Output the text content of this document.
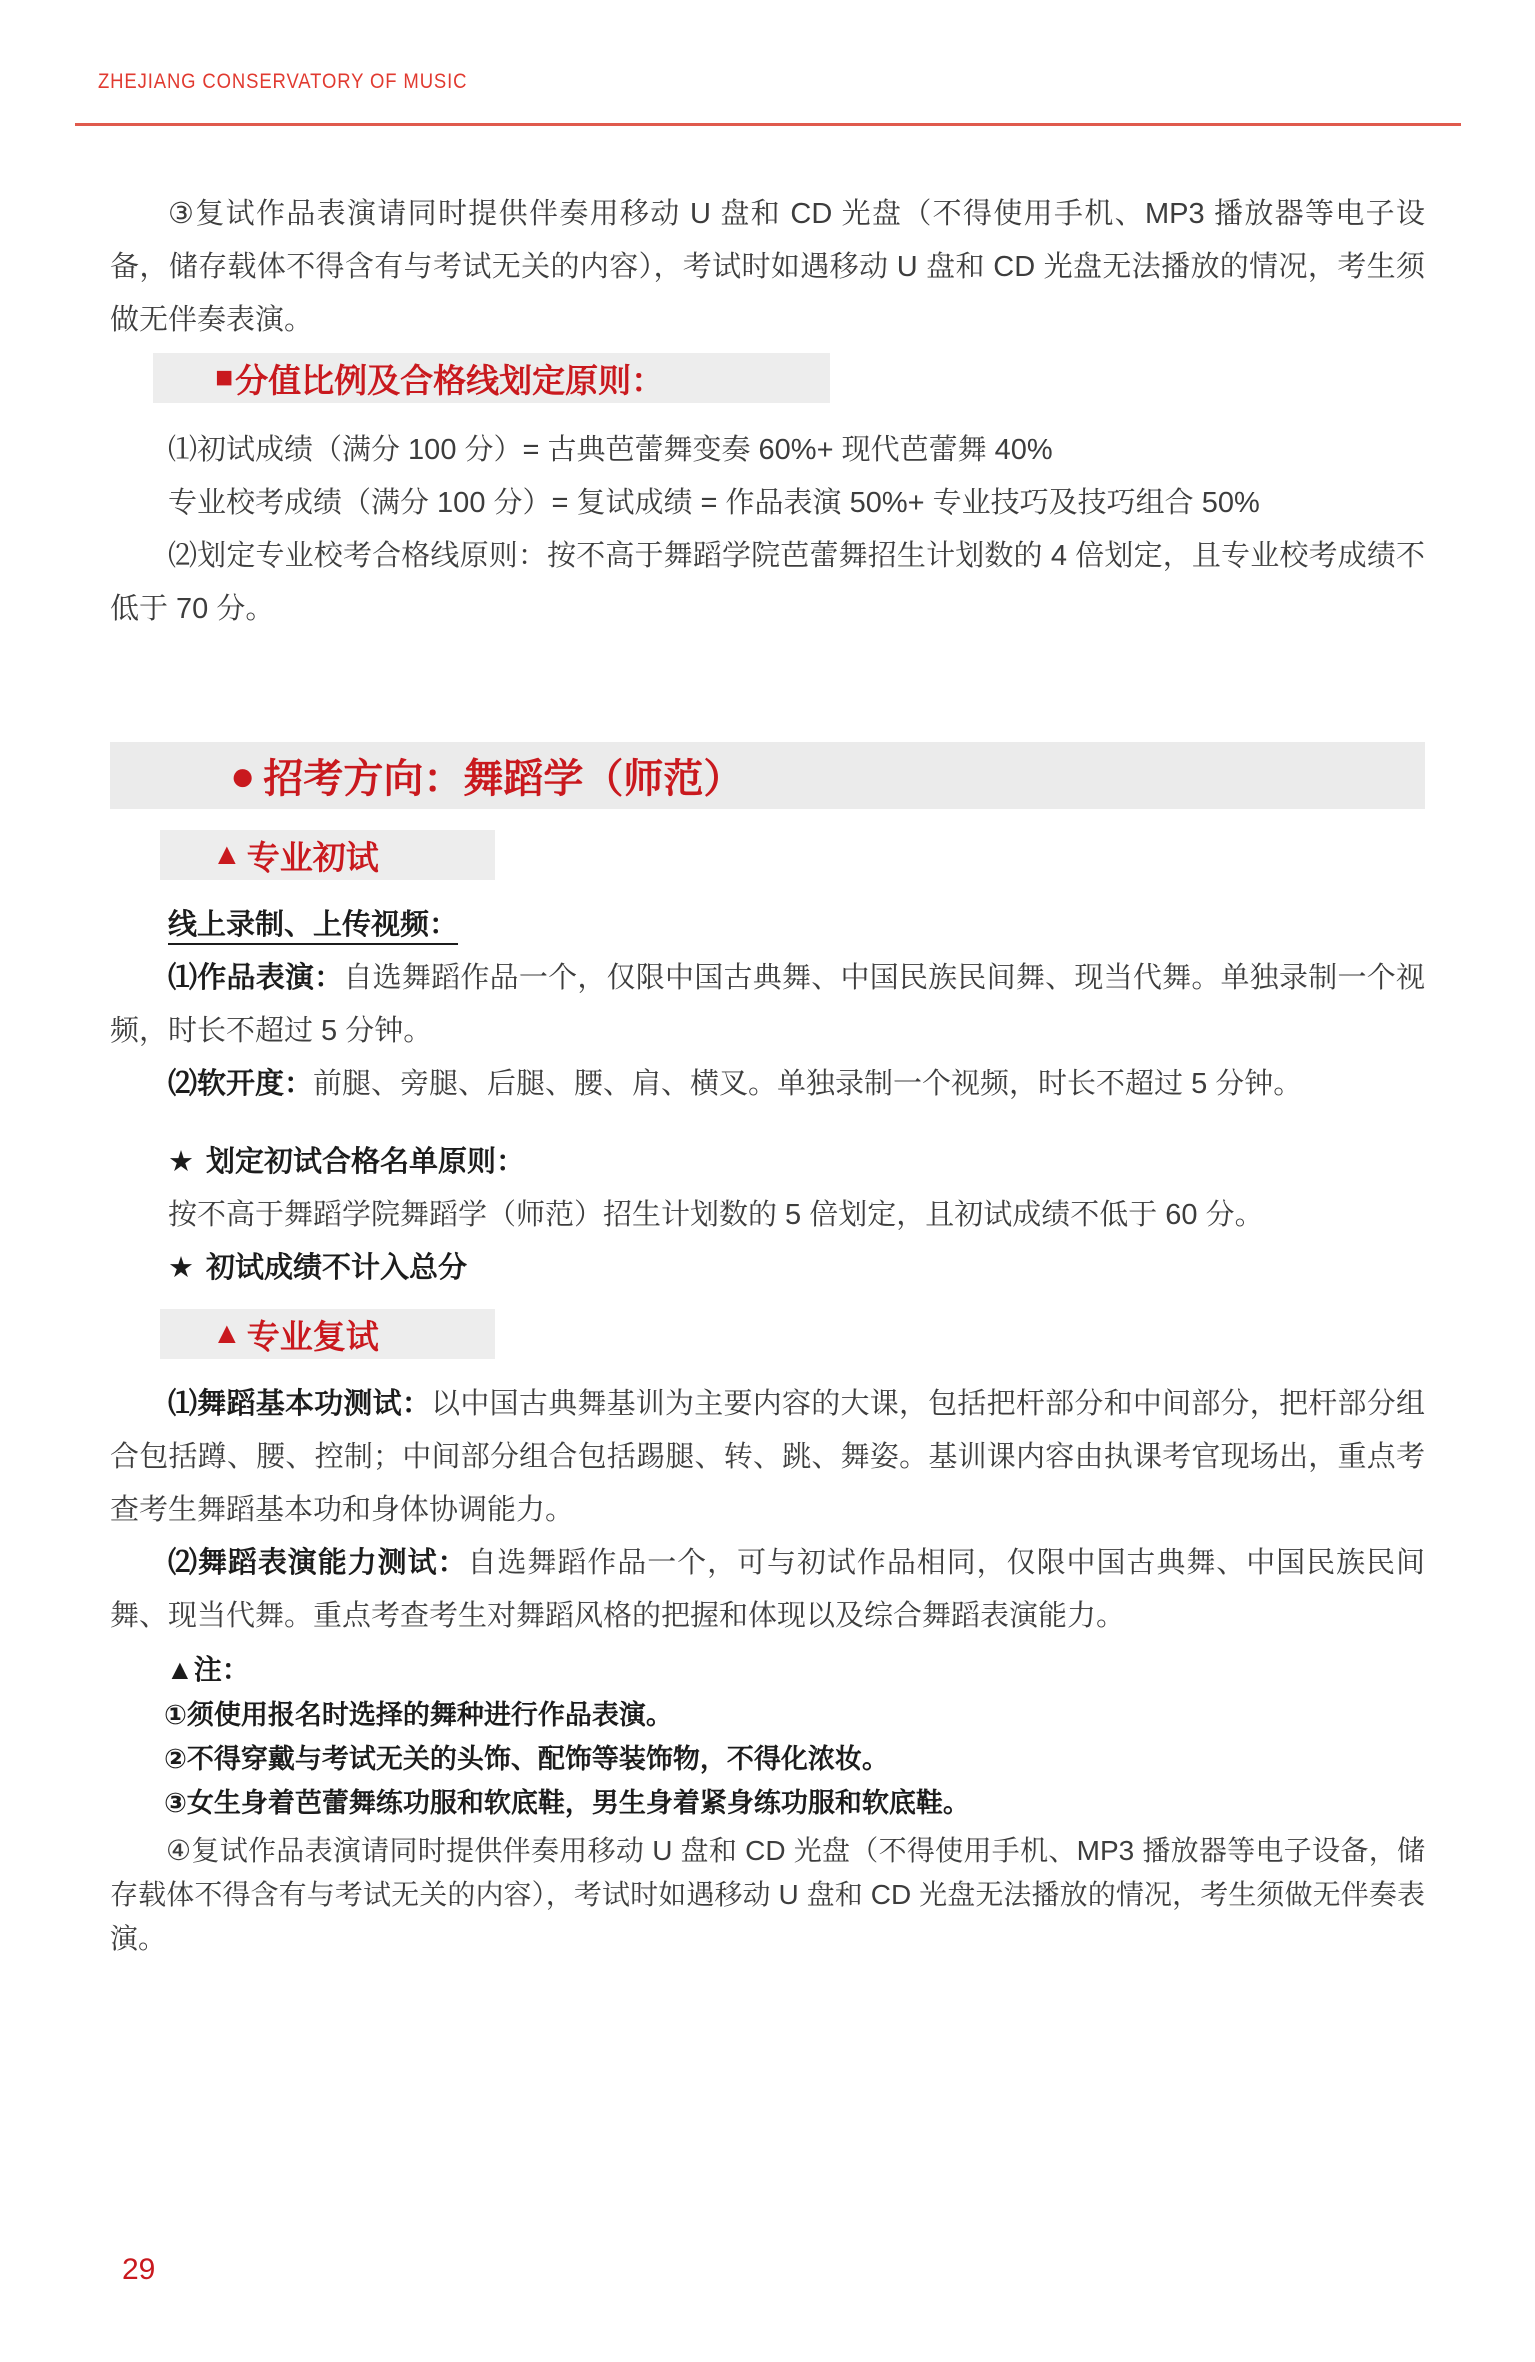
ZHEJIANG CONSERVATORY OF MUSIC

③复试作品表演请同时提供伴奏用移动 U 盘和 CD 光盘（不得使用手机、MP3 播放器等电子设备，储存载体不得含有与考试无关的内容），考试时如遇移动 U 盘和 CD 光盘无法播放的情况，考生须做无伴奏表演。

■ 分值比例及合格线划定原则：

⑴初试成绩（满分 100 分）= 古典芭蕾舞变奏 60%+ 现代芭蕾舞 40%

专业校考成绩（满分 100 分）= 复试成绩 = 作品表演 50%+ 专业技巧及技巧组合 50%

⑵划定专业校考合格线原则：按不高于舞蹈学院芭蕾舞招生计划数的 4 倍划定，且专业校考成绩不低于 70 分。

● 招考方向：舞蹈学（师范）
▲ 专业初试

线上录制、上传视频：

⑴作品表演：自选舞蹈作品一个，仅限中国古典舞、中国民族民间舞、现当代舞。单独录制一个视频，时长不超过 5 分钟。

⑵软开度：前腿、旁腿、后腿、腰、肩、横叉。单独录制一个视频，时长不超过 5 分钟。

★ 划定初试合格名单原则：

按不高于舞蹈学院舞蹈学（师范）招生计划数的 5 倍划定，且初试成绩不低于 60 分。

★ 初试成绩不计入总分

▲ 专业复试

⑴舞蹈基本功测试：以中国古典舞基训为主要内容的大课，包括把杆部分和中间部分，把杆部分组合包括蹲、腰、控制；中间部分组合包括踢腿、转、跳、舞姿。基训课内容由执课考官现场出，重点考查考生舞蹈基本功和身体协调能力。

⑵舞蹈表演能力测试：自选舞蹈作品一个，可与初试作品相同，仅限中国古典舞、中国民族民间舞、现当代舞。重点考查考生对舞蹈风格的把握和体现以及综合舞蹈表演能力。

▲注：

①须使用报名时选择的舞种进行作品表演。

②不得穿戴与考试无关的头饰、配饰等装饰物，不得化浓妆。

③女生身着芭蕾舞练功服和软底鞋，男生身着紧身练功服和软底鞋。

④复试作品表演请同时提供伴奏用移动 U 盘和 CD 光盘（不得使用手机、MP3 播放器等电子设备，储存载体不得含有与考试无关的内容），考试时如遇移动 U 盘和 CD 光盘无法播放的情况，考生须做无伴奏表演。

29
